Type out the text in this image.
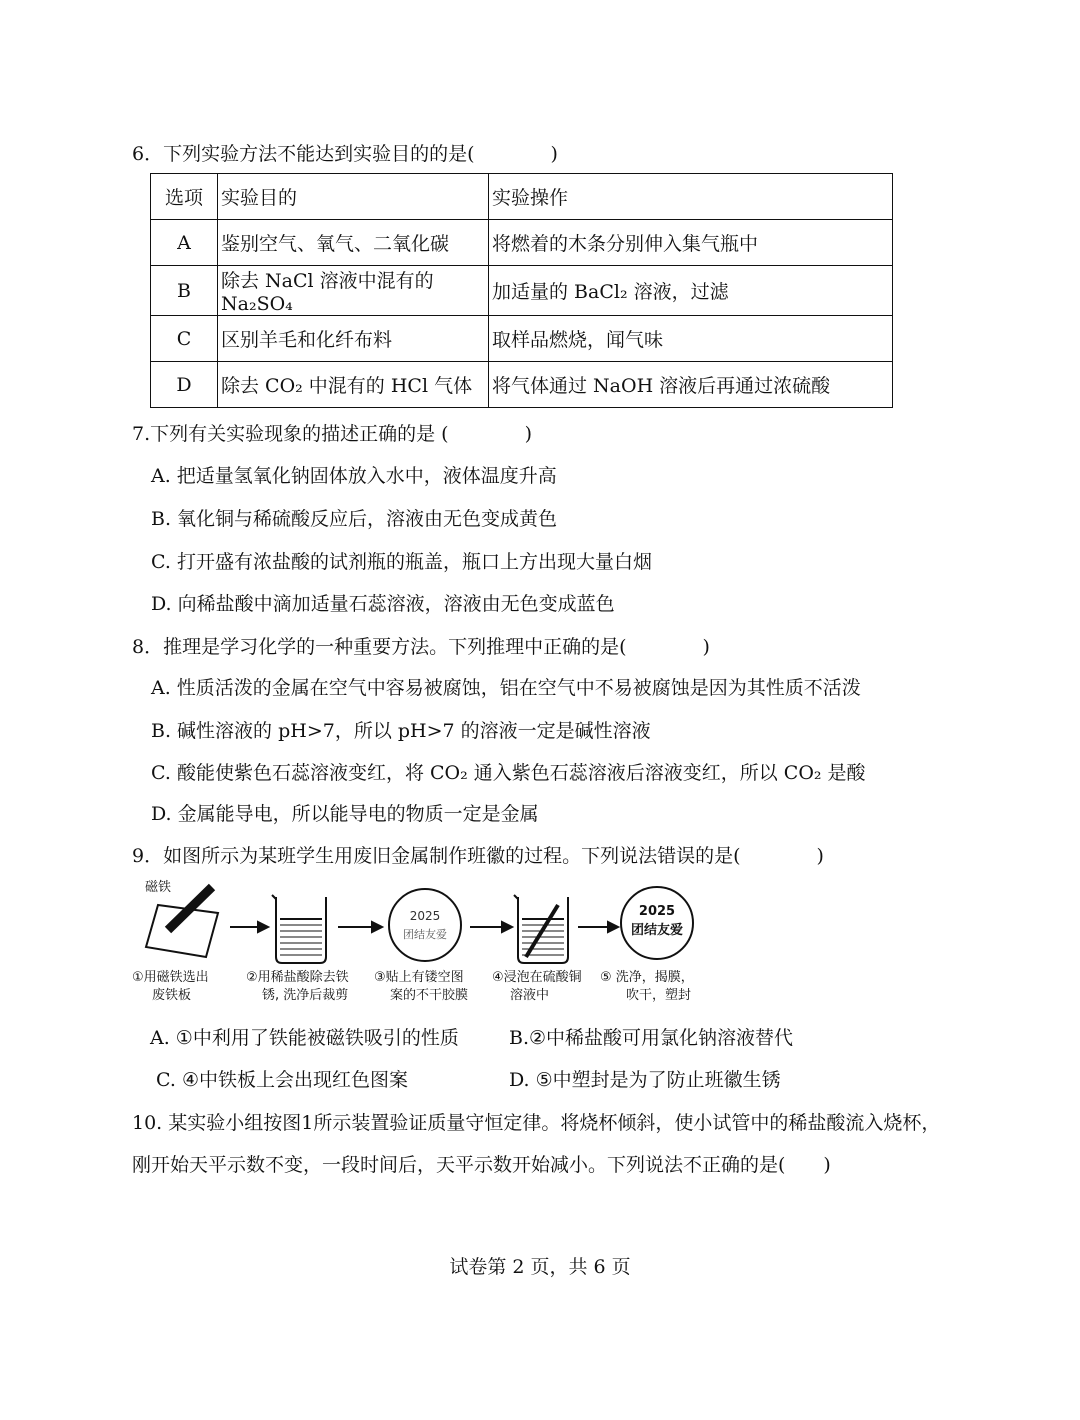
6．下列实验方法不能达到实验目的的是(　　　　)
选项	实验目的	实验操作
A	鉴别空气、氧气、二氧化碳	将燃着的木条分别伸入集气瓶中
B	除去 NaCl 溶液中混有的 Na₂SO₄	加适量的 BaCl₂ 溶液，过滤
C	区别羊毛和化纤布料	取样品燃烧，闻气味
D	除去 CO₂ 中混有的 HCl 气体	将气体通过 NaOH 溶液后再通过浓硫酸
7.下列有关实验现象的描述正确的是 (　　　　)
A. 把适量氢氧化钠固体放入水中，液体温度升高
B. 氧化铜与稀硫酸反应后，溶液由无色变成黄色
C. 打开盛有浓盐酸的试剂瓶的瓶盖，瓶口上方出现大量白烟
D. 向稀盐酸中滴加适量石蕊溶液，溶液由无色变成蓝色
8．推理是学习化学的一种重要方法。下列推理中正确的是(　　　　)
A. 性质活泼的金属在空气中容易被腐蚀，铝在空气中不易被腐蚀是因为其性质不活泼
B. 碱性溶液的 pH>7，所以 pH>7 的溶液一定是碱性溶液
C. 酸能使紫色石蕊溶液变红，将 CO₂ 通入紫色石蕊溶液后溶液变红，所以 CO₂ 是酸
D. 金属能导电，所以能导电的物质一定是金属
9．如图所示为某班学生用废旧金属制作班徽的过程。下列说法错误的是(　　　　)
磁铁
2025
团结友爱
2025
团结友爱
①用磁铁选出
废铁板
②用稀盐酸除去铁
锈, 洗净后裁剪
③贴上有镂空图
案的不干胶膜
④浸泡在硫酸铜
溶液中
⑤ 洗净，揭膜，
吹干，塑封
A. ①中利用了铁能被磁铁吸引的性质	B.②中稀盐酸可用氯化钠溶液替代
C. ④中铁板上会出现红色图案	D. ⑤中塑封是为了防止班徽生锈
10. 某实验小组按图1所示装置验证质量守恒定律。将烧杯倾斜，使小试管中的稀盐酸流入烧杯，
刚开始天平示数不变，一段时间后，天平示数开始减小。下列说法不正确的是(　　)
试卷第 2 页，共 6 页
